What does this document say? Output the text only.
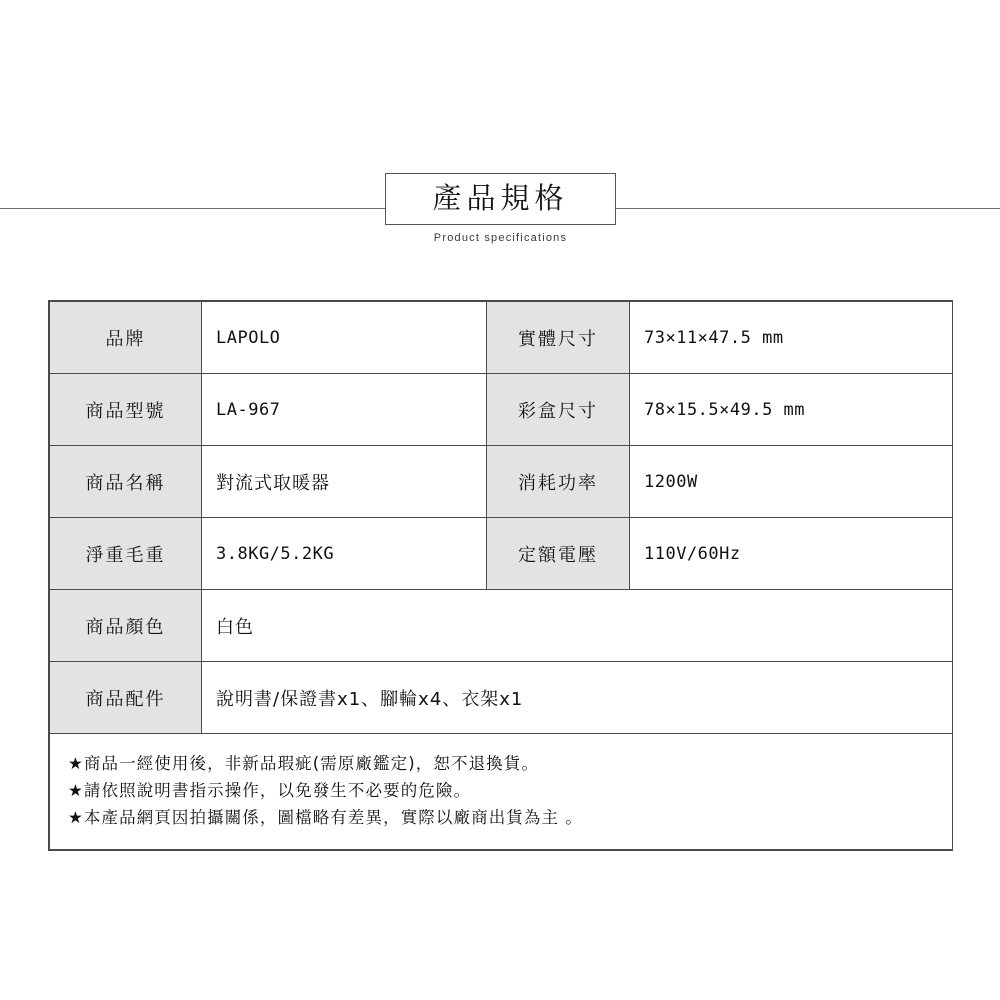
產品規格
Product specifications
品牌	LAPOLO	實體尺寸	73×11×47.5 mm
商品型號	LA-967	彩盒尺寸	78×15.5×49.5 mm
商品名稱	對流式取暖器	消耗功率	1200W
淨重毛重	3.8KG/5.2KG	定額電壓	110V/60Hz
商品顏色	白色		
商品配件	說明書/保證書x1、腳輪x4、衣架x1		

★商品一經使用後，非新品瑕疵(需原廠鑑定)，恕不退換貨。
★請依照說明書指示操作，以免發生不必要的危險。
★本產品網頁因拍攝關係，圖檔略有差異，實際以廠商出貨為主 。			
